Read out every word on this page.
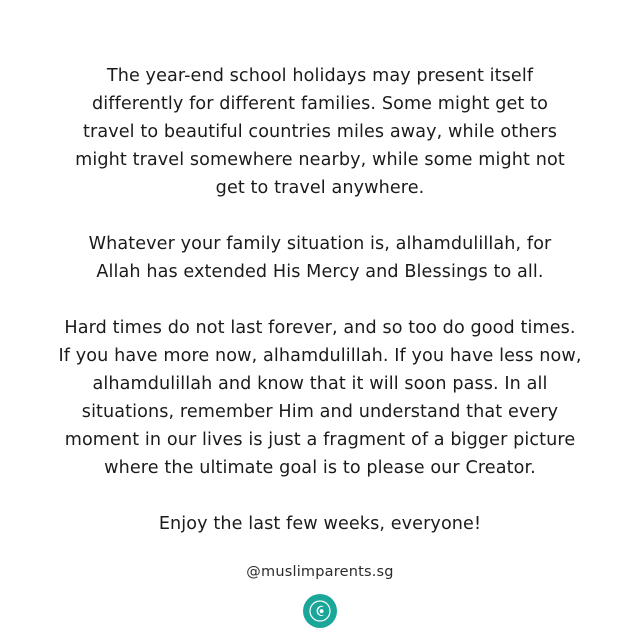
The year-end school holidays may present itself differently for different families. Some might get to travel to beautiful countries miles away, while others might travel somewhere nearby, while some might not get to travel anywhere.

Whatever your family situation is, alhamdulillah, for Allah has extended His Mercy and Blessings to all.

Hard times do not last forever, and so too do good times. If you have more now, alhamdulillah. If you have less now, alhamdulillah and know that it will soon pass. In all situations, remember Him and understand that every moment in our lives is just a fragment of a bigger picture where the ultimate goal is to please our Creator.

Enjoy the last few weeks, everyone!

@muslimparents.sg
